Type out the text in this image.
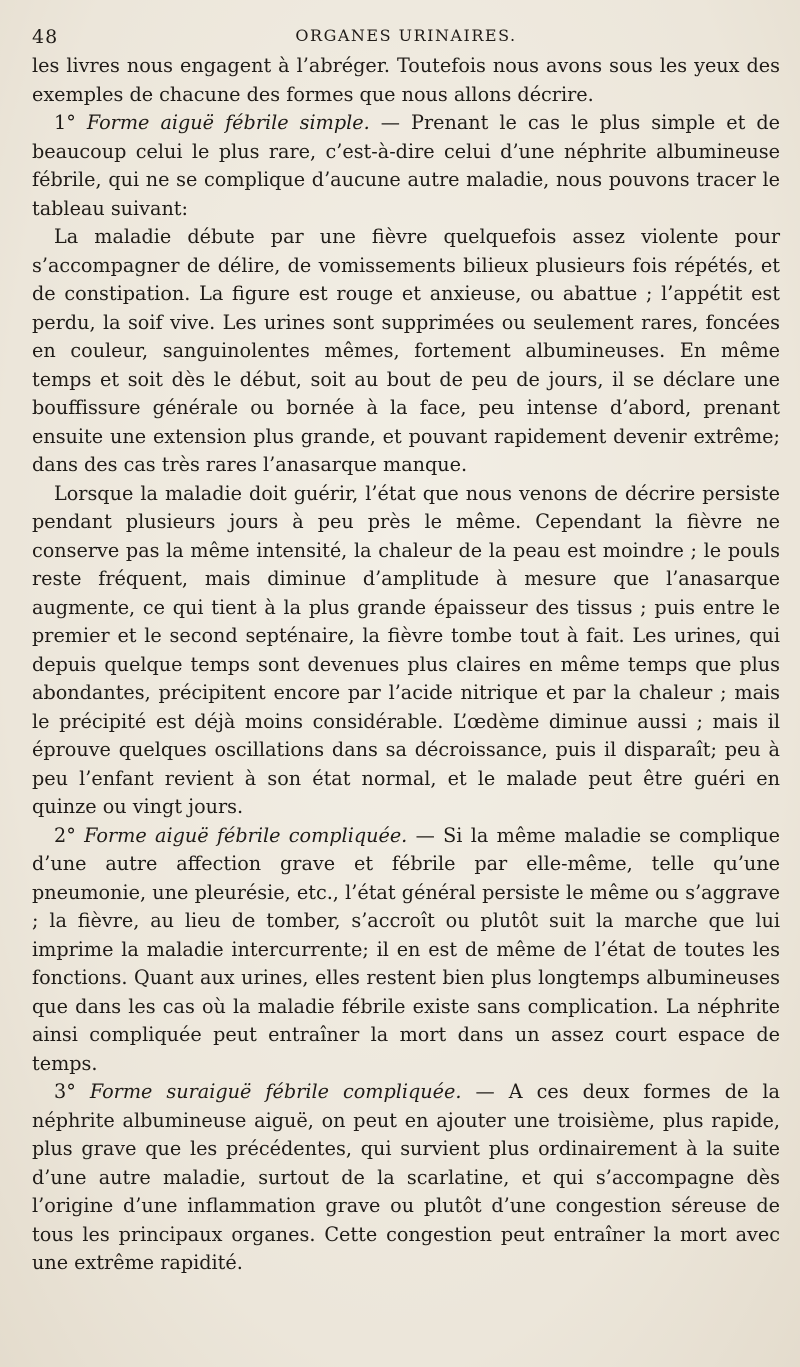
48	ORGANES URINAIRES.

les livres nous engagent à l’abréger. Toutefois nous avons sous les yeux des exemples de chacune des formes que nous allons décrire.

1° Forme aiguë fébrile simple. — Prenant le cas le plus simple et de beaucoup celui le plus rare, c’est-à-dire celui d’une néphrite albumineuse fébrile, qui ne se complique d’aucune autre maladie, nous pouvons tracer le tableau suivant:

La maladie débute par une fièvre quelquefois assez violente pour s’accompagner de délire, de vomissements bilieux plusieurs fois répétés, et de constipation. La figure est rouge et anxieuse, ou abattue ; l’appétit est perdu, la soif vive. Les urines sont supprimées ou seulement rares, foncées en couleur, sanguinolentes mêmes, fortement albumineuses. En même temps et soit dès le début, soit au bout de peu de jours, il se déclare une bouffissure générale ou bornée à la face, peu intense d’abord, prenant ensuite une extension plus grande, et pouvant rapidement devenir extrême; dans des cas très rares l’anasarque manque.

Lorsque la maladie doit guérir, l’état que nous venons de décrire persiste pendant plusieurs jours à peu près le même. Cependant la fièvre ne conserve pas la même intensité, la chaleur de la peau est moindre ; le pouls reste fréquent, mais diminue d’amplitude à mesure que l’anasarque augmente, ce qui tient à la plus grande épaisseur des tissus ; puis entre le premier et le second septénaire, la fièvre tombe tout à fait. Les urines, qui depuis quelque temps sont devenues plus claires en même temps que plus abondantes, précipitent encore par l’acide nitrique et par la chaleur ; mais le précipité est déjà moins considérable. L’œdème diminue aussi ; mais il éprouve quelques oscillations dans sa décroissance, puis il disparaît; peu à peu l’enfant revient à son état normal, et le malade peut être guéri en quinze ou vingt jours.

2° Forme aiguë fébrile compliquée. — Si la même maladie se complique d’une autre affection grave et fébrile par elle-même, telle qu’une pneumonie, une pleurésie, etc., l’état général persiste le même ou s’aggrave ; la fièvre, au lieu de tomber, s’accroît ou plutôt suit la marche que lui imprime la maladie intercurrente; il en est de même de l’état de toutes les fonctions. Quant aux urines, elles restent bien plus longtemps albumineuses que dans les cas où la maladie fébrile existe sans complication. La néphrite ainsi compliquée peut entraîner la mort dans un assez court espace de temps.

3° Forme suraiguë fébrile compliquée. — A ces deux formes de la néphrite albumineuse aiguë, on peut en ajouter une troisième, plus rapide, plus grave que les précédentes, qui survient plus ordinairement à la suite d’une autre maladie, surtout de la scarlatine, et qui s’accompagne dès l’origine d’une inflammation grave ou plutôt d’une congestion séreuse de tous les principaux organes. Cette congestion peut entraîner la mort avec une extrême rapidité.
